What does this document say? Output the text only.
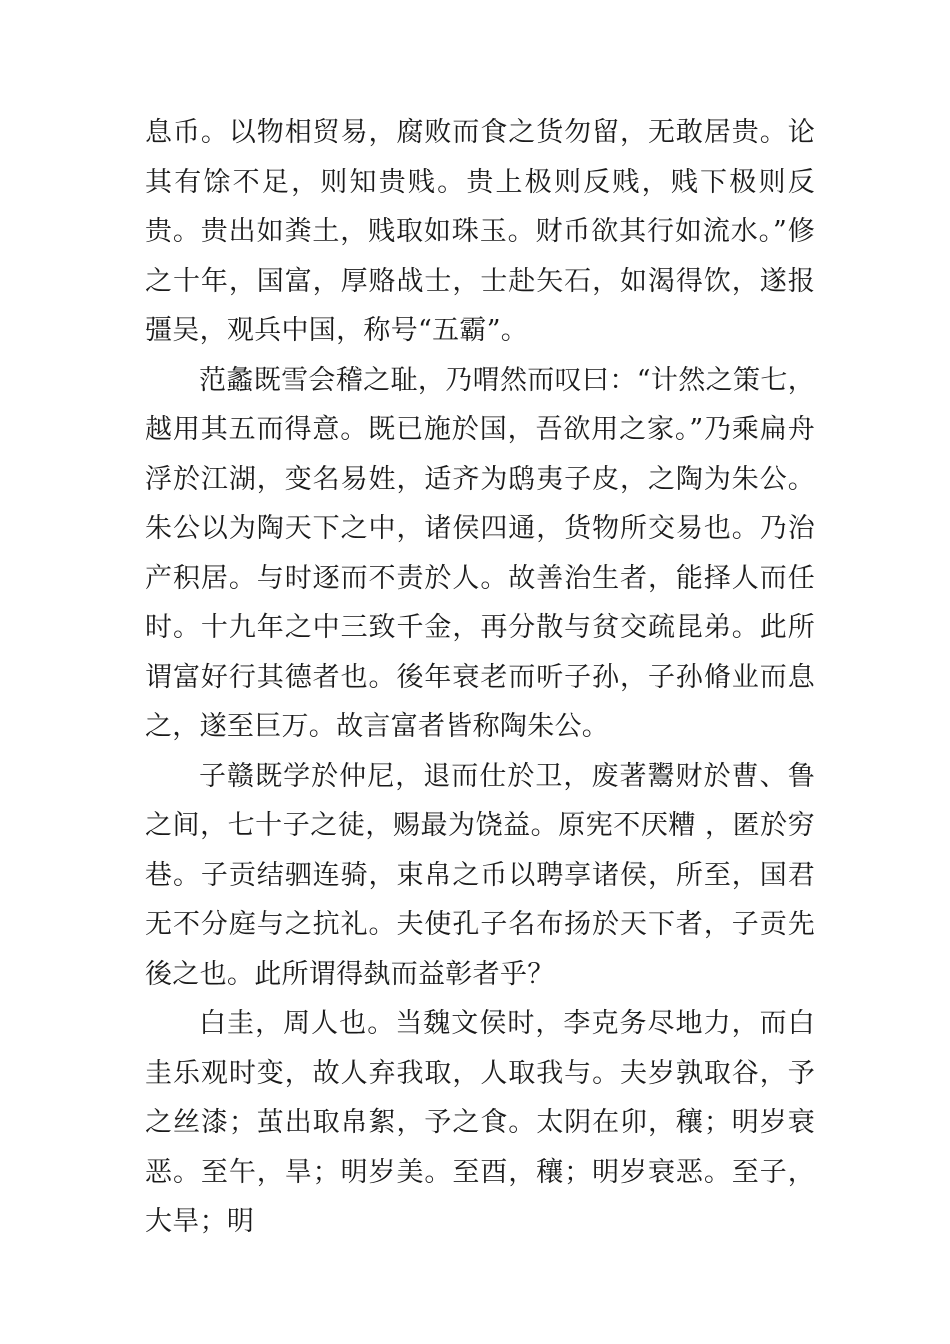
息币。以物相贸易，腐败而食之货勿留，无敢居贵。论其有馀不足，则知贵贱。贵上极则反贱，贱下极则反贵。贵出如粪土，贱取如珠玉。财币欲其行如流水。”修之十年，国富，厚赂战士，士赴矢石，如渴得饮，遂报彊吴，观兵中国，称号“五霸”。

范蠡既雪会稽之耻，乃喟然而叹曰：“计然之策七，越用其五而得意。既已施於国，吾欲用之家。”乃乘扁舟浮於江湖，变名易姓，适齐为鸱夷子皮，之陶为朱公。朱公以为陶天下之中，诸侯四通，货物所交易也。乃治产积居。与时逐而不责於人。故善治生者，能择人而任时。十九年之中三致千金，再分散与贫交疏昆弟。此所谓富好行其德者也。後年衰老而听子孙，子孙脩业而息之，遂至巨万。故言富者皆称陶朱公。

子赣既学於仲尼，退而仕於卫，废著鬻财於曹、鲁之间，七十子之徒，赐最为饶益。原宪不厌糟 ，匿於穷巷。子贡结驷连骑，束帛之币以聘享诸侯，所至，国君无不分庭与之抗礼。夫使孔子名布扬於天下者，子贡先後之也。此所谓得埶而益彰者乎？

白圭，周人也。当魏文侯时，李克务尽地力，而白圭乐观时变，故人弃我取，人取我与。夫岁孰取谷，予之丝漆；茧出取帛絮，予之食。太阴在卯，穰；明岁衰恶。至午，旱；明岁美。至酉，穰；明岁衰恶。至子，大旱；明
